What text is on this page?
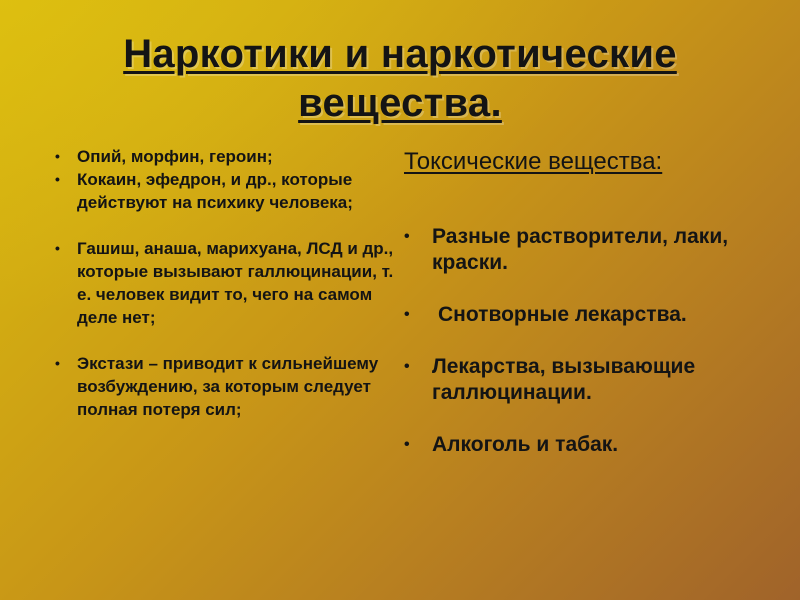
Наркотики и наркотические вещества.
• Опий, морфин, героин;
• Кокаин, эфедрон, и др., которые действуют на психику человека;
• Гашиш, анаша, марихуана, ЛСД и др., которые вызывают галлюцинации, т. е. человек видит то, чего на самом деле нет;
• Экстази – приводит к сильнейшему возбуждению, за которым следует полная потеря сил;
Токсические вещества:
• Разные растворители, лаки, краски.
• Снотворные лекарства.
• Лекарства, вызывающие галлюцинации.
• Алкоголь и табак.
